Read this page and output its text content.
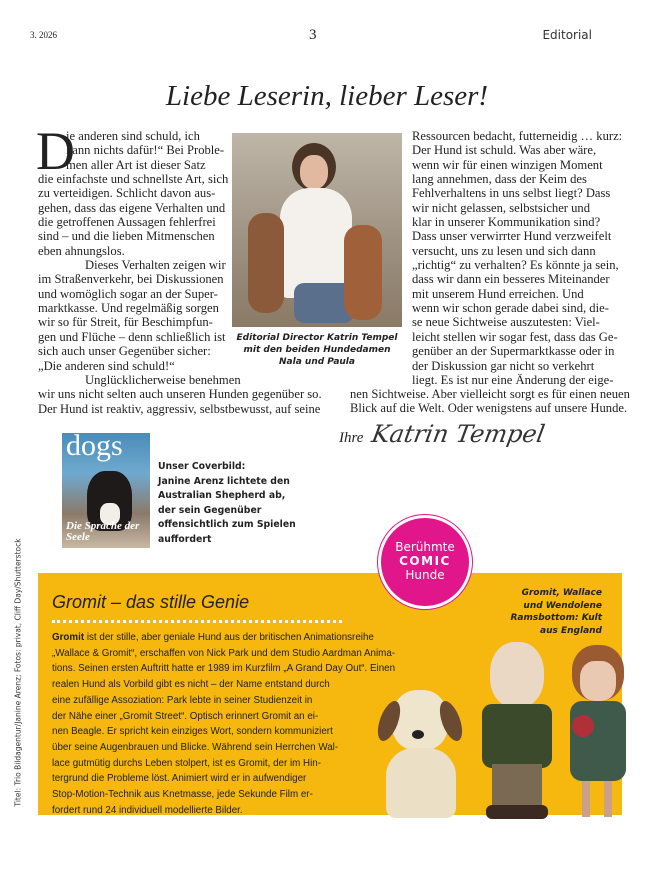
3. 2026	3	Editorial
Liebe Leserin, lieber Leser!
D
ie anderen sind schuld, ich
kann nichts dafür!“ Bei Proble-
men aller Art ist dieser Satz
die einfachste und schnellste Art, sich
zu verteidigen. Schlicht davon aus-
gehen, dass das eigene Verhalten und
die getroffenen Aussagen fehlerfrei
sind – und die lieben Mitmenschen
eben ahnungslos.
Dieses Verhalten zeigen wir
im Straßenverkehr, bei Diskussionen
und womöglich sogar an der Super-
marktkasse. Und regelmäßig sorgen
wir so für Streit, für Beschimpfun-
gen und Flüche – denn schließlich ist
sich auch unser Gegenüber sicher:
„Die anderen sind schuld!“
Unglücklicherweise benehmen
wir uns nicht selten auch unseren Hunden gegenüber so.
Der Hund ist reaktiv, aggressiv, selbstbewusst, auf seine
Ressourcen bedacht, futterneidig … kurz:
Der Hund ist schuld. Was aber wäre,
wenn wir für einen winzigen Moment
lang annehmen, dass der Keim des
Fehlverhaltens in uns selbst liegt? Dass
wir nicht gelassen, selbstsicher und
klar in unserer Kommunikation sind?
Dass unser verwirrter Hund verzweifelt
versucht, uns zu lesen und sich dann
„richtig“ zu verhalten? Es könnte ja sein,
dass wir dann ein besseres Miteinander
mit unserem Hund erreichen. Und
wenn wir schon gerade dabei sind, die-
se neue Sichtweise auszutesten: Viel-
leicht stellen wir sogar fest, dass das Ge-
genüber an der Supermarktkasse oder in
der Diskussion gar nicht so verkehrt
liegt. Es ist nur eine Änderung der eige-
nen Sichtweise. Aber vielleicht sorgt es für einen neuen
Blick auf die Welt. Oder wenigstens auf unsere Hunde.
Editorial Director Katrin Tempel
mit den beiden Hundedamen
Nala und Paula
Ihre Katrin Tempel
dogs
Die Sprache der Seele
Unser Coverbild:
Janine Arenz lichtete den
Australian Shepherd ab,
der sein Gegenüber
offensichtlich zum Spielen
auffordert
Berühmte
COMIC
Hunde
Gromit – das stille Genie
Gromit ist der stille, aber geniale Hund aus der britischen Animationsreihe
„Wallace & Gromit“, erschaffen von Nick Park und dem Studio Aardman Anima-
tions. Seinen ersten Auftritt hatte er 1989 im Kurzfilm „A Grand Day Out“. Einen
realen Hund als Vorbild gibt es nicht – der Name entstand durch
eine zufällige Assoziation: Park lebte in seiner Studienzeit in
der Nähe einer „Gromit Street“. Optisch erinnert Gromit an ei-
nen Beagle. Er spricht kein einziges Wort, sondern kommuniziert
über seine Augenbrauen und Blicke. Während sein Herrchen Wal-
lace gutmütig durchs Leben stolpert, ist es Gromit, der im Hin-
tergrund die Probleme löst. Animiert wird er in aufwendiger
Stop-Motion-Technik aus Knetmasse, jede Sekunde Film er-
fordert rund 24 individuell modellierte Bilder.
Gromit, Wallace
und Wendolene
Ramsbottom: Kult
aus England
Titel: Trio Bildagentur/Janine Arenz; Fotos: privat, Cliff Day/Shutterstock
